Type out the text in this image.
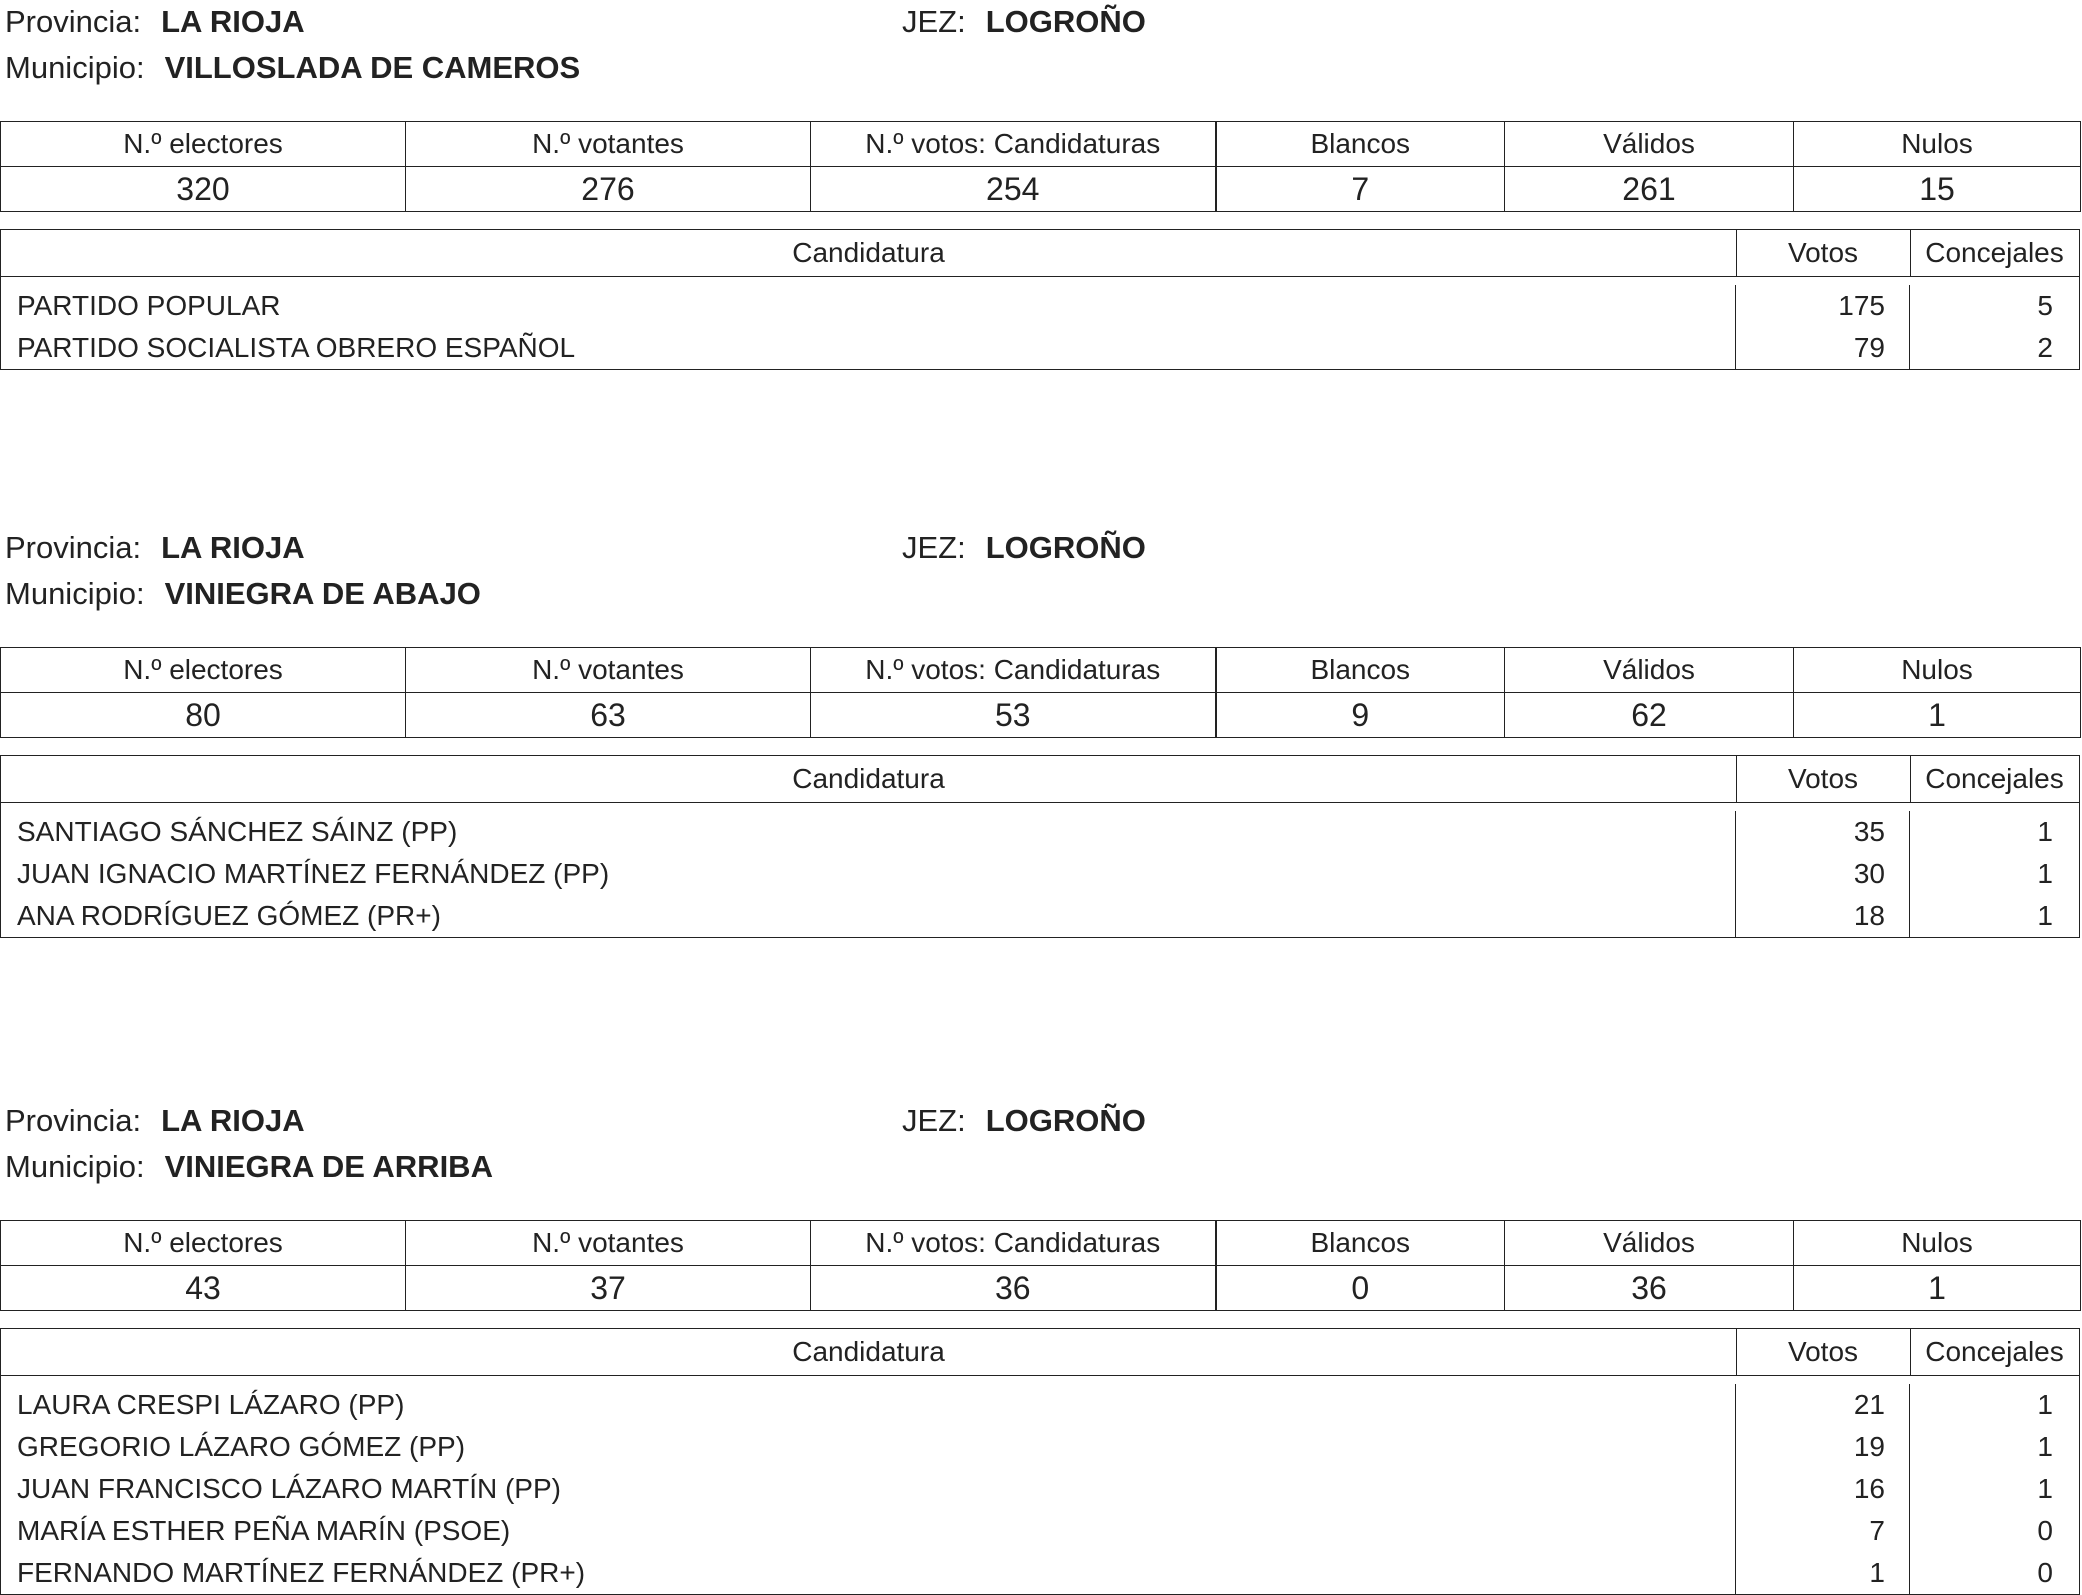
Provincia: LA RIOJA	JEZ: LOGROÑO
Municipio: VILLOSLADA DE CAMEROS
N.º electores	N.º votantes	N.º votos: Candidaturas	Blancos	Válidos	Nulos
320	276	254	7	261	15
Candidatura	Votos	Concejales
PARTIDO POPULAR	175	5
PARTIDO SOCIALISTA OBRERO ESPAÑOL	79	2
Provincia: LA RIOJA	JEZ: LOGROÑO
Municipio: VINIEGRA DE ABAJO
N.º electores	N.º votantes	N.º votos: Candidaturas	Blancos	Válidos	Nulos
80	63	53	9	62	1
Candidatura	Votos	Concejales
SANTIAGO SÁNCHEZ SÁINZ (PP)	35	1
JUAN IGNACIO MARTÍNEZ FERNÁNDEZ (PP)	30	1
ANA RODRÍGUEZ GÓMEZ (PR+)	18	1
Provincia: LA RIOJA	JEZ: LOGROÑO
Municipio: VINIEGRA DE ARRIBA
N.º electores	N.º votantes	N.º votos: Candidaturas	Blancos	Válidos	Nulos
43	37	36	0	36	1
Candidatura	Votos	Concejales
LAURA CRESPI LÁZARO (PP)	21	1
GREGORIO LÁZARO GÓMEZ (PP)	19	1
JUAN FRANCISCO LÁZARO MARTÍN (PP)	16	1
MARÍA ESTHER PEÑA MARÍN (PSOE)	7	0
FERNANDO MARTÍNEZ FERNÁNDEZ (PR+)	1	0
